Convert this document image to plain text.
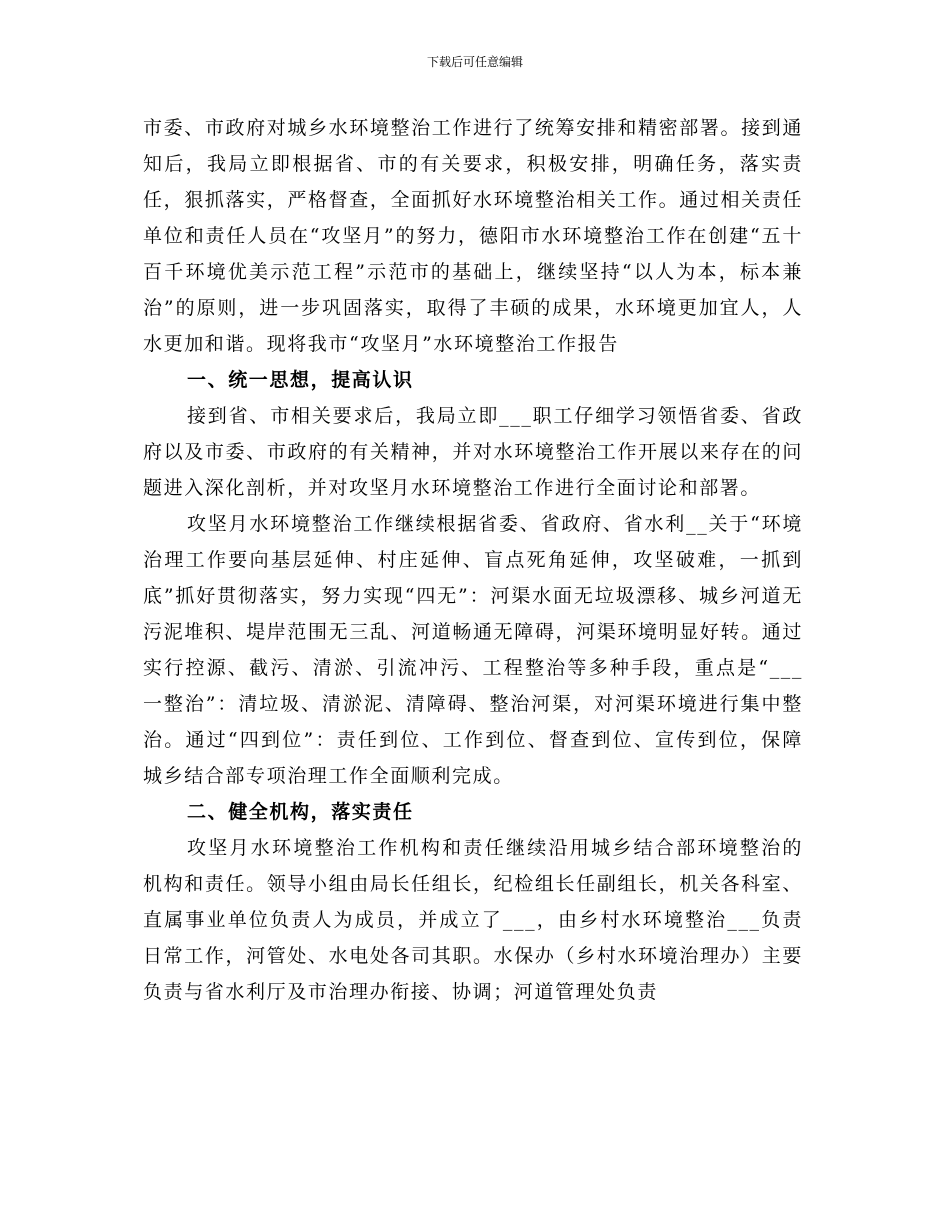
下载后可任意编辑

市委、市政府对城乡水环境整治工作进行了统筹安排和精密部署。接到通知后，我局立即根据省、市的有关要求，积极安排，明确任务，落实责任，狠抓落实，严格督查，全面抓好水环境整治相关工作。通过相关责任单位和责任人员在“攻坚月”的努力，德阳市水环境整治工作在创建“五十百千环境优美示范工程”示范市的基础上，继续坚持“以人为本，标本兼治”的原则，进一步巩固落实，取得了丰硕的成果，水环境更加宜人，人水更加和谐。现将我市“攻坚月”水环境整治工作报告

一、统一思想，提高认识

接到省、市相关要求后，我局立即___职工仔细学习领悟省委、省政府以及市委、市政府的有关精神，并对水环境整治工作开展以来存在的问题进入深化剖析，并对攻坚月水环境整治工作进行全面讨论和部署。

攻坚月水环境整治工作继续根据省委、省政府、省水利__关于“环境治理工作要向基层延伸、村庄延伸、盲点死角延伸，攻坚破难，一抓到底”抓好贯彻落实，努力实现“四无”：河渠水面无垃圾漂移、城乡河道无污泥堆积、堤岸范围无三乱、河道畅通无障碍，河渠环境明显好转。通过实行控源、截污、清淤、引流冲污、工程整治等多种手段，重点是“___一整治”：清垃圾、清淤泥、清障碍、整治河渠，对河渠环境进行集中整治。通过“四到位”：责任到位、工作到位、督查到位、宣传到位，保障城乡结合部专项治理工作全面顺利完成。

二、健全机构，落实责任

攻坚月水环境整治工作机构和责任继续沿用城乡结合部环境整治的机构和责任。领导小组由局长任组长，纪检组长任副组长，机关各科室、直属事业单位负责人为成员，并成立了___，由乡村水环境整治___负责日常工作，河管处、水电处各司其职。水保办（乡村水环境治理办）主要负责与省水利厅及市治理办衔接、协调；河道管理处负责
